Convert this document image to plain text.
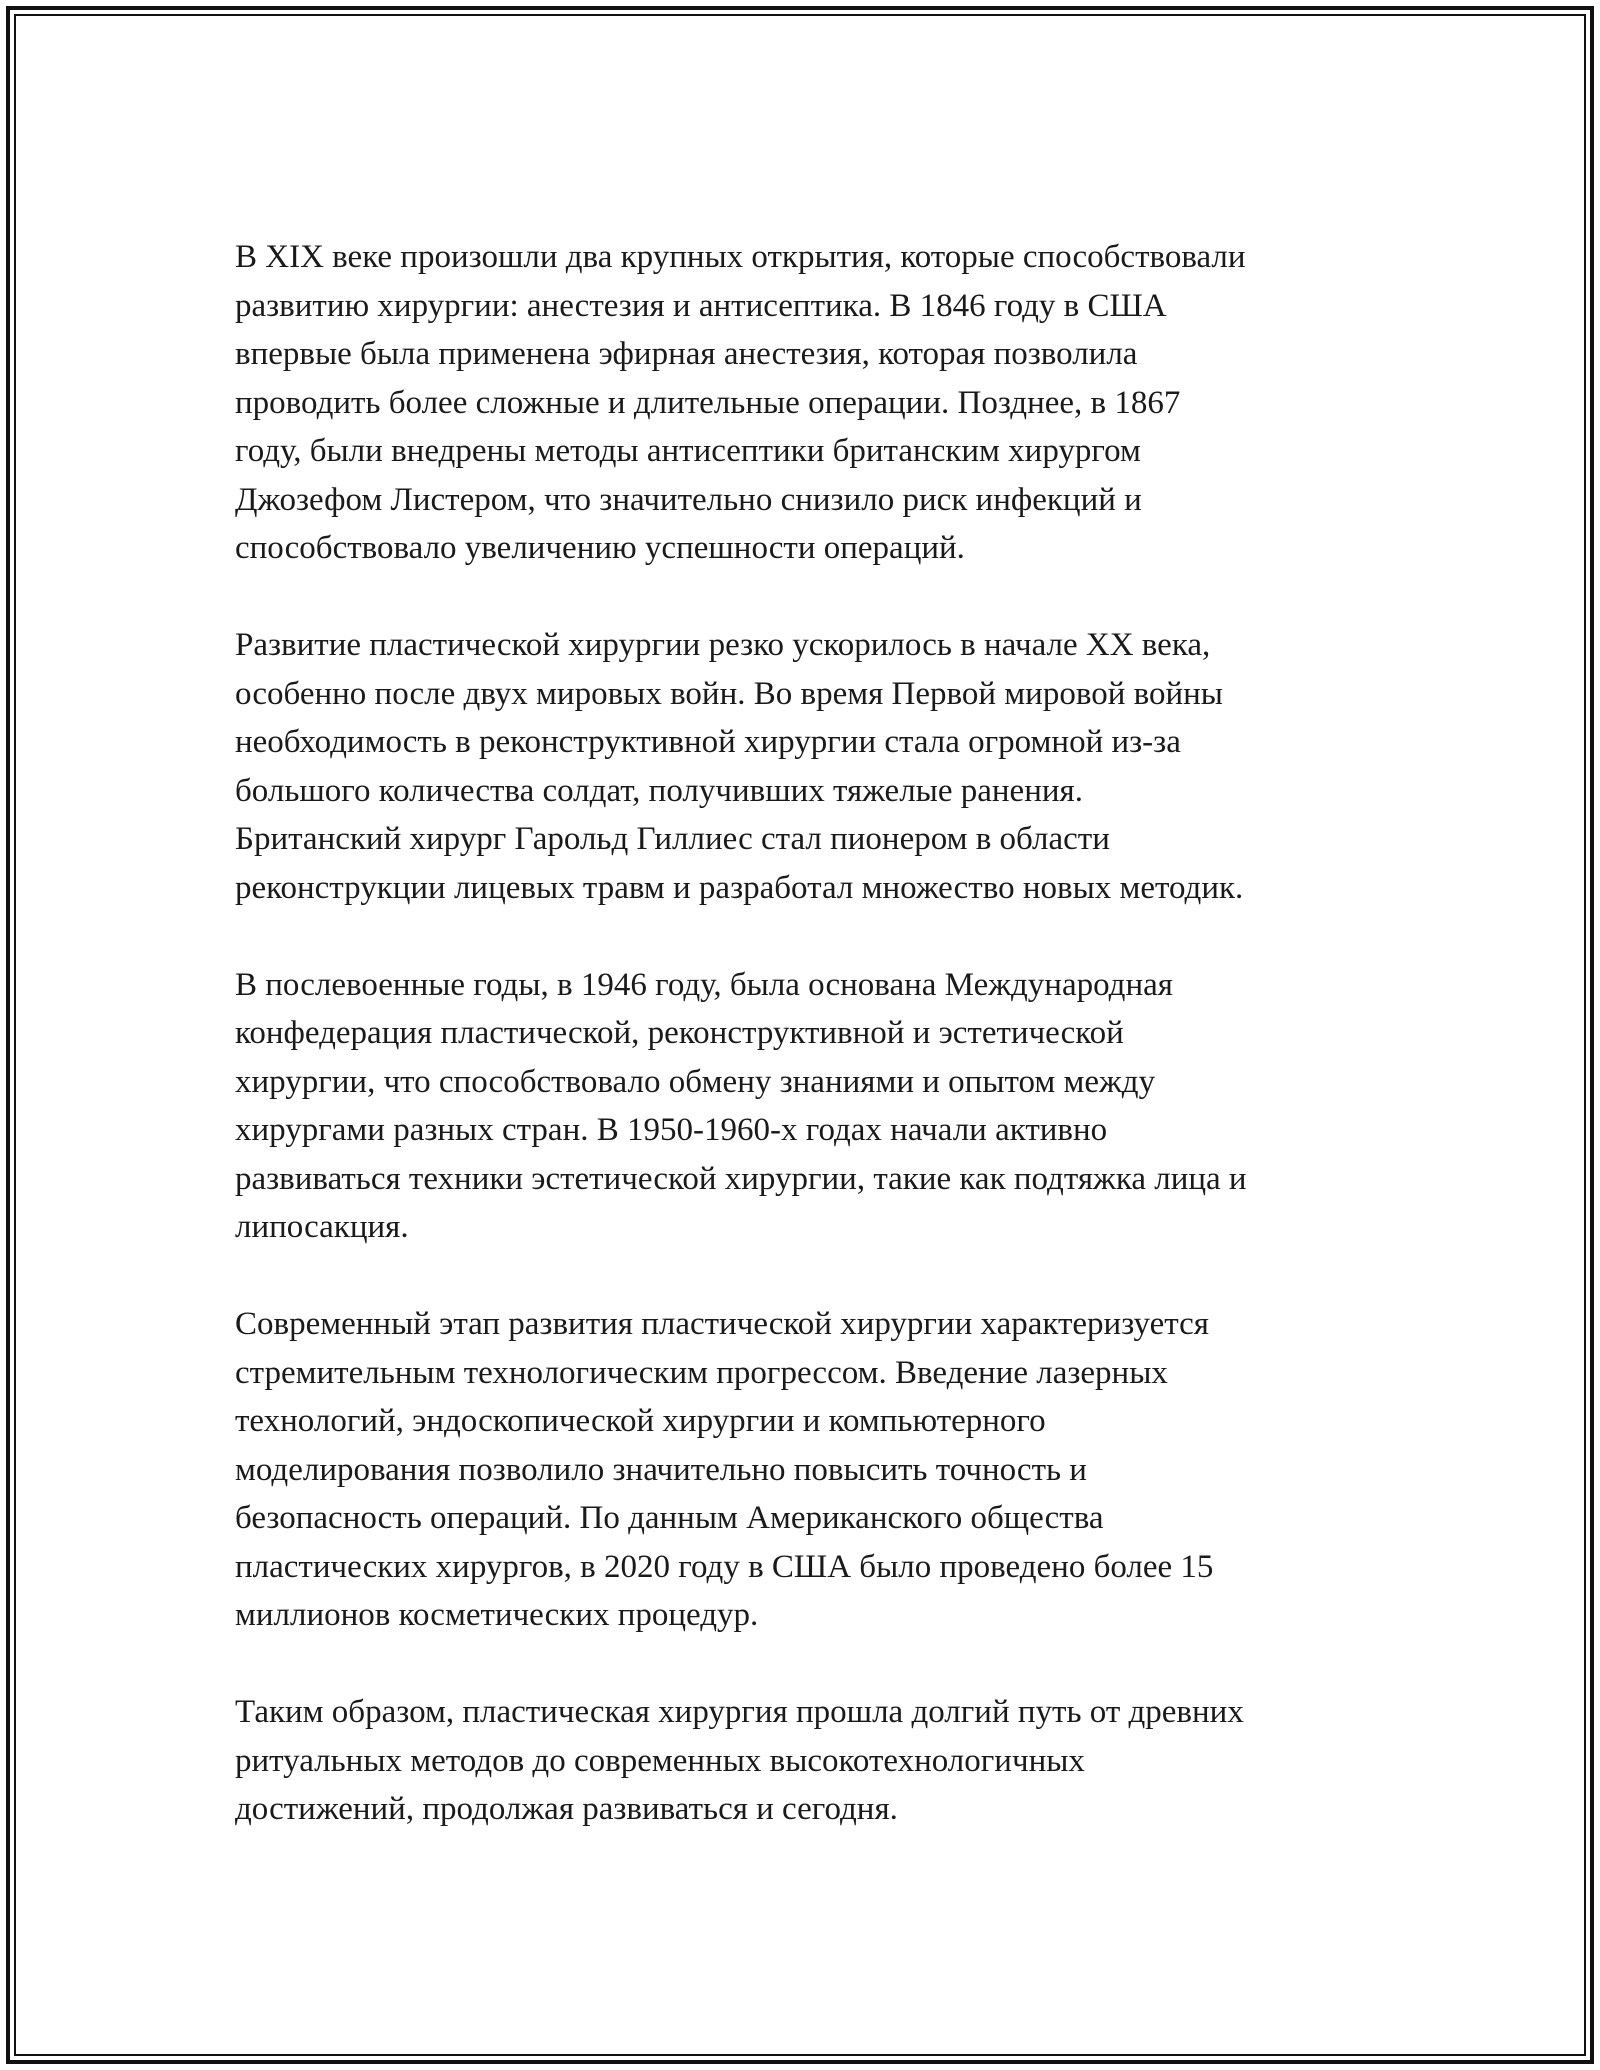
В XIX веке произошли два крупных открытия, которые способствовали
развитию хирургии: анестезия и антисептика. В 1846 году в США
впервые была применена эфирная анестезия, которая позволила
проводить более сложные и длительные операции. Позднее, в 1867
году, были внедрены методы антисептики британским хирургом
Джозефом Листером, что значительно снизило риск инфекций и
способствовало увеличению успешности операций.
Развитие пластической хирургии резко ускорилось в начале XX века,
особенно после двух мировых войн. Во время Первой мировой войны
необходимость в реконструктивной хирургии стала огромной из-за
большого количества солдат, получивших тяжелые ранения.
Британский хирург Гарольд Гиллиес стал пионером в области
реконструкции лицевых травм и разработал множество новых методик.
В послевоенные годы, в 1946 году, была основана Международная
конфедерация пластической, реконструктивной и эстетической
хирургии, что способствовало обмену знаниями и опытом между
хирургами разных стран. В 1950-1960-х годах начали активно
развиваться техники эстетической хирургии, такие как подтяжка лица и
липосакция.
Современный этап развития пластической хирургии характеризуется
стремительным технологическим прогрессом. Введение лазерных
технологий, эндоскопической хирургии и компьютерного
моделирования позволило значительно повысить точность и
безопасность операций. По данным Американского общества
пластических хирургов, в 2020 году в США было проведено более 15
миллионов косметических процедур.
Таким образом, пластическая хирургия прошла долгий путь от древних
ритуальных методов до современных высокотехнологичных
достижений, продолжая развиваться и сегодня.
